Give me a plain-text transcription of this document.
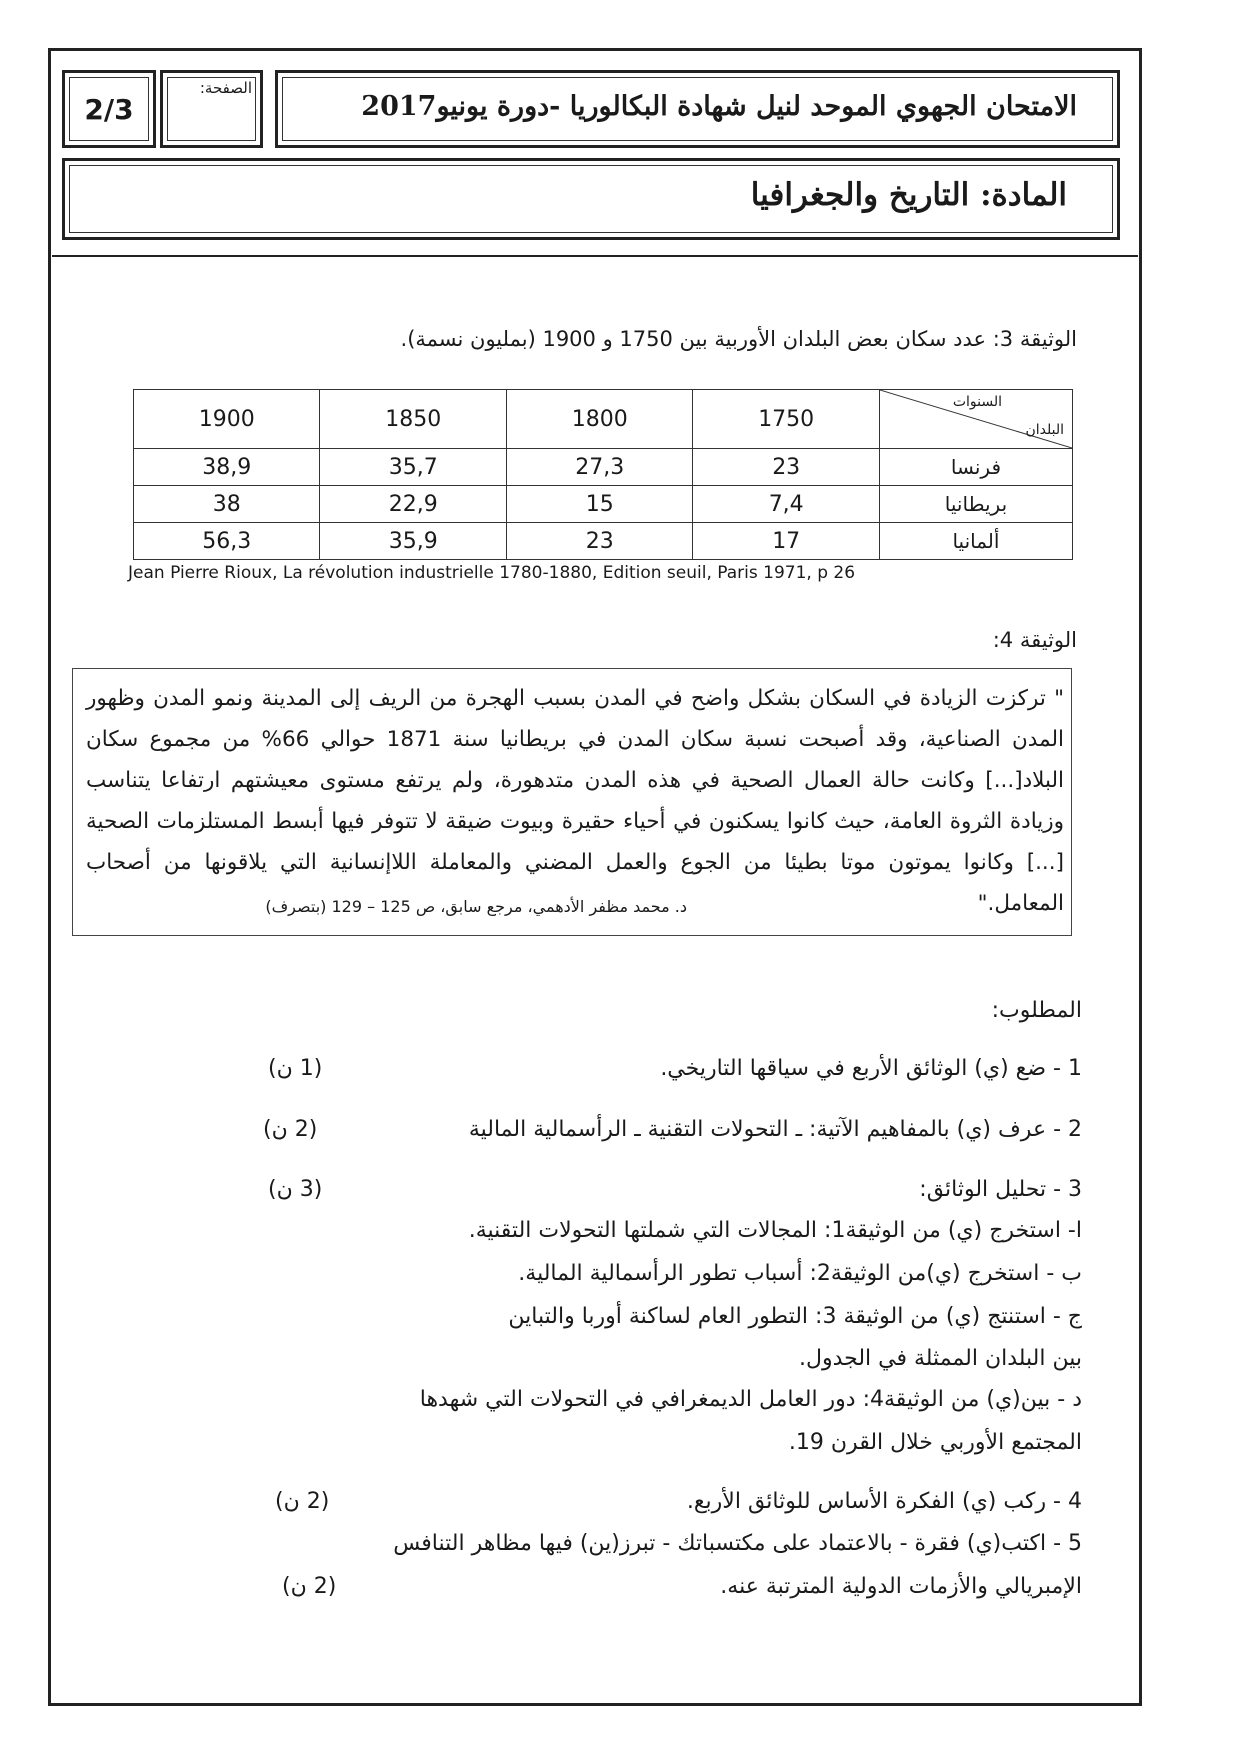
الامتحان الجهوي الموحد لنيل شهادة البكالوريا -دورة يونيو2017
الصفحة:
2/3
المادة: التاريخ والجغرافيا
الوثيقة 3: عدد سكان بعض البلدان الأوربية بين 1750 و 1900 (بمليون نسمة).
1900	1850	1800	1750	السنوات
البلدان

38,9	35,7	27,3	23	فرنسا
38	22,9	15	7,4	بريطانيا
56,3	35,9	23	17	ألمانيا
Jean Pierre Rioux, La révolution industrielle 1780-1880, Edition seuil, Paris 1971, p 26
الوثيقة 4:
" تركزت الزيادة في السكان بشكل واضح في المدن بسبب الهجرة من الريف إلى المدينة ونمو المدن وظهور المدن الصناعية، وقد أصبحت نسبة سكان المدن في بريطانيا سنة 1871 حوالي 66% من مجموع سكان البلاد[...] وكانت حالة العمال الصحية في هذه المدن متدهورة، ولم يرتفع مستوى معيشتهم ارتفاعا يتناسب وزيادة الثروة العامة، حيث كانوا يسكنون في أحياء حقيرة وبيوت ضيقة لا تتوفر فيها أبسط المستلزمات الصحية [...] وكانوا يموتون موتا بطيئا من الجوع والعمل المضني والمعاملة اللاإنسانية التي يلاقونها من أصحاب المعامل."
د. محمد مظفر الأدهمي، مرجع سابق، ص 125 – 129 (بتصرف)
المطلوب:
1 - ضع (ي) الوثائق الأربع في سياقها التاريخي.
(1 ن)
2 - عرف (ي) بالمفاهيم الآتية: ـ التحولات التقنية ـ الرأسمالية المالية
(2 ن)
3 - تحليل الوثائق:
(3 ن)
ا- استخرج (ي) من الوثيقة1: المجالات التي شملتها التحولات التقنية.
ب - استخرج (ي)من الوثيقة2: أسباب تطور الرأسمالية المالية.
ج - استنتج (ي) من الوثيقة 3: التطور العام لساكنة أوربا والتباين
بين البلدان الممثلة في الجدول.
د - بين(ي) من الوثيقة4: دور العامل الديمغرافي في التحولات التي شهدها
المجتمع الأوربي خلال القرن 19.
4 - ركب (ي) الفكرة الأساس للوثائق الأربع.
(2 ن)
5 - اكتب(ي) فقرة - بالاعتماد على مكتسباتك - تبرز(ين) فيها مظاهر التنافس
الإمبريالي والأزمات الدولية المترتبة عنه.
(2 ن)
